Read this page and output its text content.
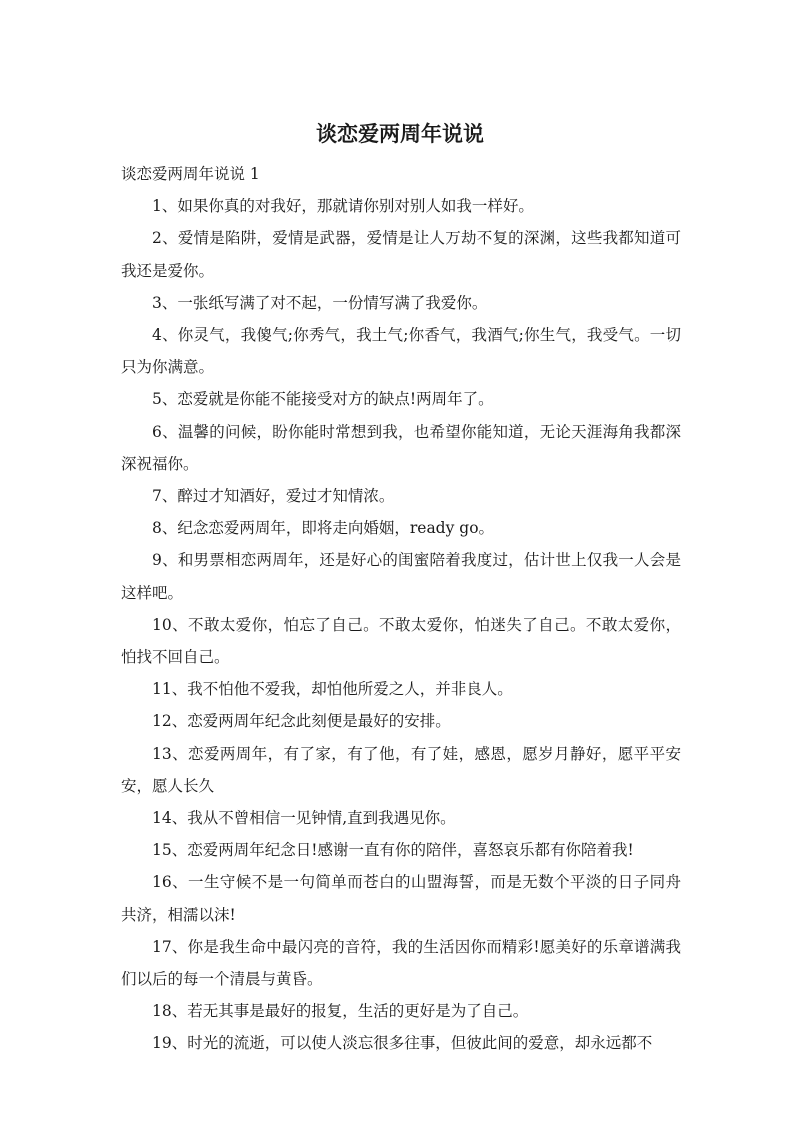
谈恋爱两周年说说

谈恋爱两周年说说 1

1、如果你真的对我好，那就请你别对别人如我一样好。

2、爱情是陷阱，爱情是武器，爱情是让人万劫不复的深渊，这些我都知道可我还是爱你。

3、一张纸写满了对不起，一份情写满了我爱你。

4、你灵气，我傻气;你秀气，我土气;你香气，我酒气;你生气，我受气。一切只为你满意。

5、恋爱就是你能不能接受对方的缺点!两周年了。

6、温馨的问候，盼你能时常想到我，也希望你能知道，无论天涯海角我都深深祝福你。

7、醉过才知酒好，爱过才知情浓。

8、纪念恋爱两周年，即将走向婚姻，ready go。

9、和男票相恋两周年，还是好心的闺蜜陪着我度过，估计世上仅我一人会是这样吧。

10、不敢太爱你，怕忘了自己。不敢太爱你，怕迷失了自己。不敢太爱你，怕找不回自己。

11、我不怕他不爱我，却怕他所爱之人，并非良人。

12、恋爱两周年纪念此刻便是最好的安排。

13、恋爱两周年，有了家，有了他，有了娃，感恩，愿岁月静好，愿平平安安，愿人长久

14、我从不曾相信一见钟情,直到我遇见你。

15、恋爱两周年纪念日!感谢一直有你的陪伴，喜怒哀乐都有你陪着我!

16、一生守候不是一句简单而苍白的山盟海誓，而是无数个平淡的日子同舟共济，相濡以沫!

17、你是我生命中最闪亮的音符，我的生活因你而精彩!愿美好的乐章谱满我们以后的每一个清晨与黄昏。

18、若无其事是最好的报复，生活的更好是为了自己。

19、时光的流逝，可以使人淡忘很多往事，但彼此间的爱意，却永远都不
